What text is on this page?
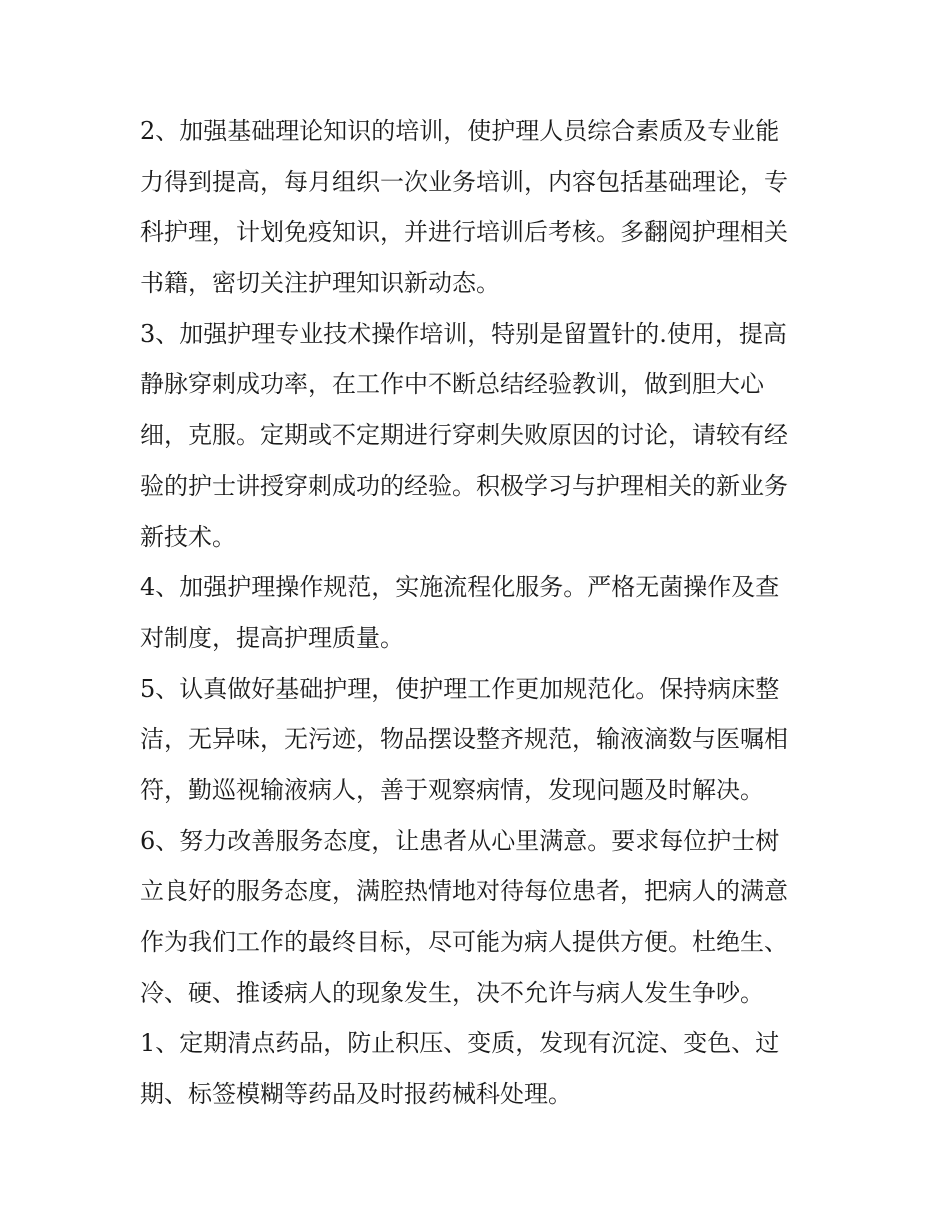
2、加强基础理论知识的培训，使护理人员综合素质及专业能
力得到提高，每月组织一次业务培训，内容包括基础理论，专
科护理，计划免疫知识，并进行培训后考核。多翻阅护理相关
书籍，密切关注护理知识新动态。
3、加强护理专业技术操作培训，特别是留置针的.使用，提高
静脉穿刺成功率，在工作中不断总结经验教训，做到胆大心
细，克服。定期或不定期进行穿刺失败原因的讨论，请较有经
验的护士讲授穿刺成功的经验。积极学习与护理相关的新业务
新技术。
4、加强护理操作规范，实施流程化服务。严格无菌操作及查
对制度，提高护理质量。
5、认真做好基础护理，使护理工作更加规范化。保持病床整
洁，无异味，无污迹，物品摆设整齐规范，输液滴数与医嘱相
符，勤巡视输液病人，善于观察病情，发现问题及时解决。
6、努力改善服务态度，让患者从心里满意。要求每位护士树
立良好的服务态度，满腔热情地对待每位患者，把病人的满意
作为我们工作的最终目标，尽可能为病人提供方便。杜绝生、
冷、硬、推诿病人的现象发生，决不允许与病人发生争吵。
1、定期清点药品，防止积压、变质，发现有沉淀、变色、过
期、标签模糊等药品及时报药械科处理。
